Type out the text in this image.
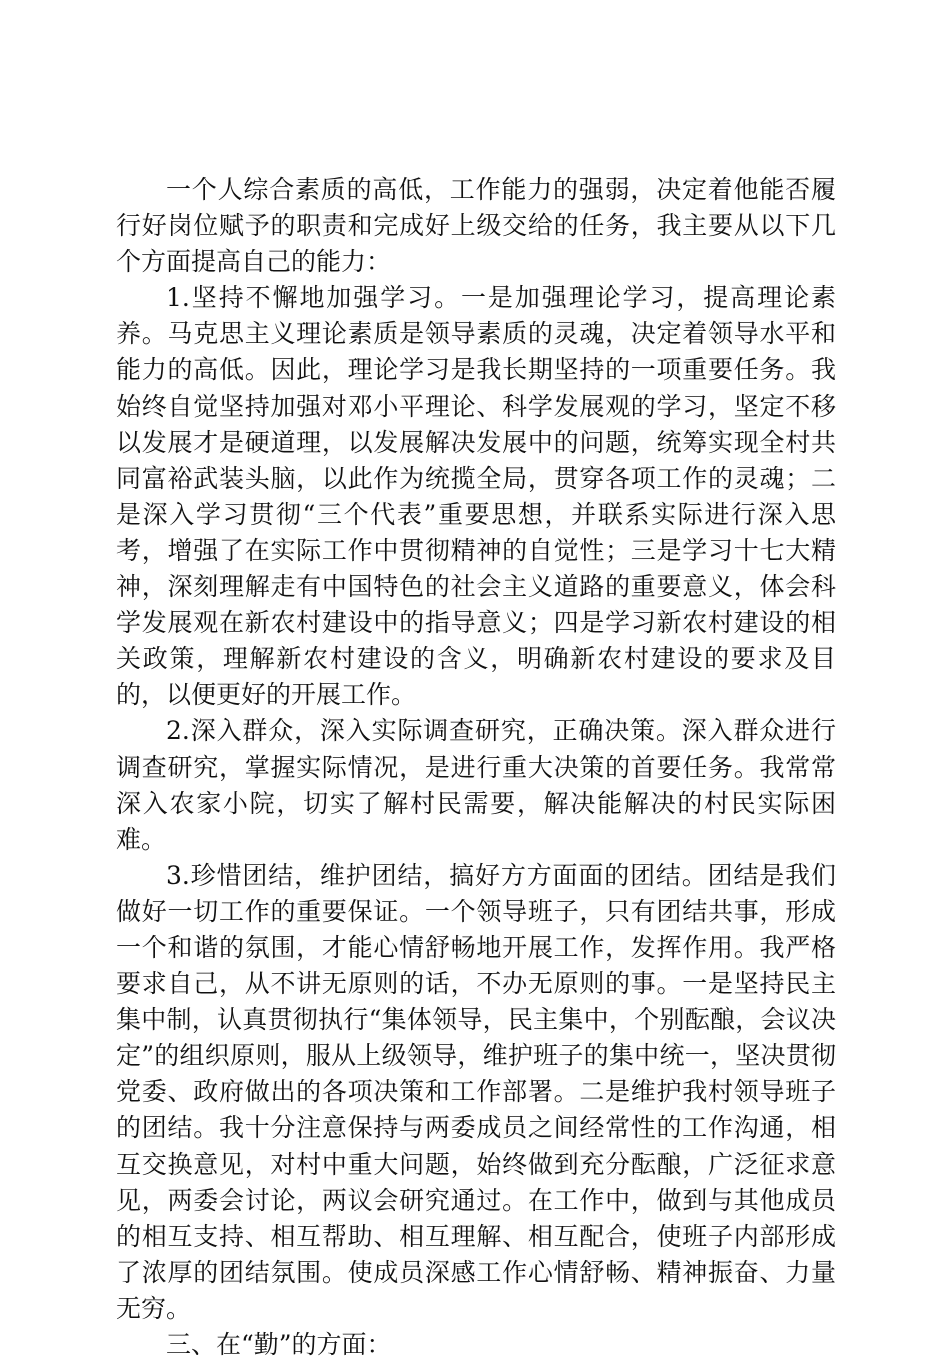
一个人综合素质的高低，工作能力的强弱，决定着他能否履行好岗位赋予的职责和完成好上级交给的任务，我主要从以下几个方面提高自己的能力：

1.坚持不懈地加强学习。一是加强理论学习，提高理论素养。马克思主义理论素质是领导素质的灵魂，决定着领导水平和能力的高低。因此，理论学习是我长期坚持的一项重要任务。我始终自觉坚持加强对邓小平理论、科学发展观的学习，坚定不移以发展才是硬道理，以发展解决发展中的问题，统筹实现全村共同富裕武装头脑，以此作为统揽全局，贯穿各项工作的灵魂；二是深入学习贯彻“三个代表”重要思想，并联系实际进行深入思考，增强了在实际工作中贯彻精神的自觉性；三是学习十七大精神，深刻理解走有中国特色的社会主义道路的重要意义，体会科学发展观在新农村建设中的指导意义；四是学习新农村建设的相关政策，理解新农村建设的含义，明确新农村建设的要求及目的，以便更好的开展工作。

2.深入群众，深入实际调查研究，正确决策。深入群众进行调查研究，掌握实际情况，是进行重大决策的首要任务。我常常深入农家小院，切实了解村民需要，解决能解决的村民实际困难。

3.珍惜团结，维护团结，搞好方方面面的团结。团结是我们做好一切工作的重要保证。一个领导班子，只有团结共事，形成一个和谐的氛围，才能心情舒畅地开展工作，发挥作用。我严格要求自己，从不讲无原则的话，不办无原则的事。一是坚持民主集中制，认真贯彻执行“集体领导，民主集中，个别酝酿，会议决定”的组织原则，服从上级领导，维护班子的集中统一，坚决贯彻党委、政府做出的各项决策和工作部署。二是维护我村领导班子的团结。我十分注意保持与两委成员之间经常性的工作沟通，相互交换意见，对村中重大问题，始终做到充分酝酿，广泛征求意见，两委会讨论，两议会研究通过。在工作中，做到与其他成员的相互支持、相互帮助、相互理解、相互配合，使班子内部形成了浓厚的团结氛围。使成员深感工作心情舒畅、精神振奋、力量无穷。

三、在“勤”的方面：
